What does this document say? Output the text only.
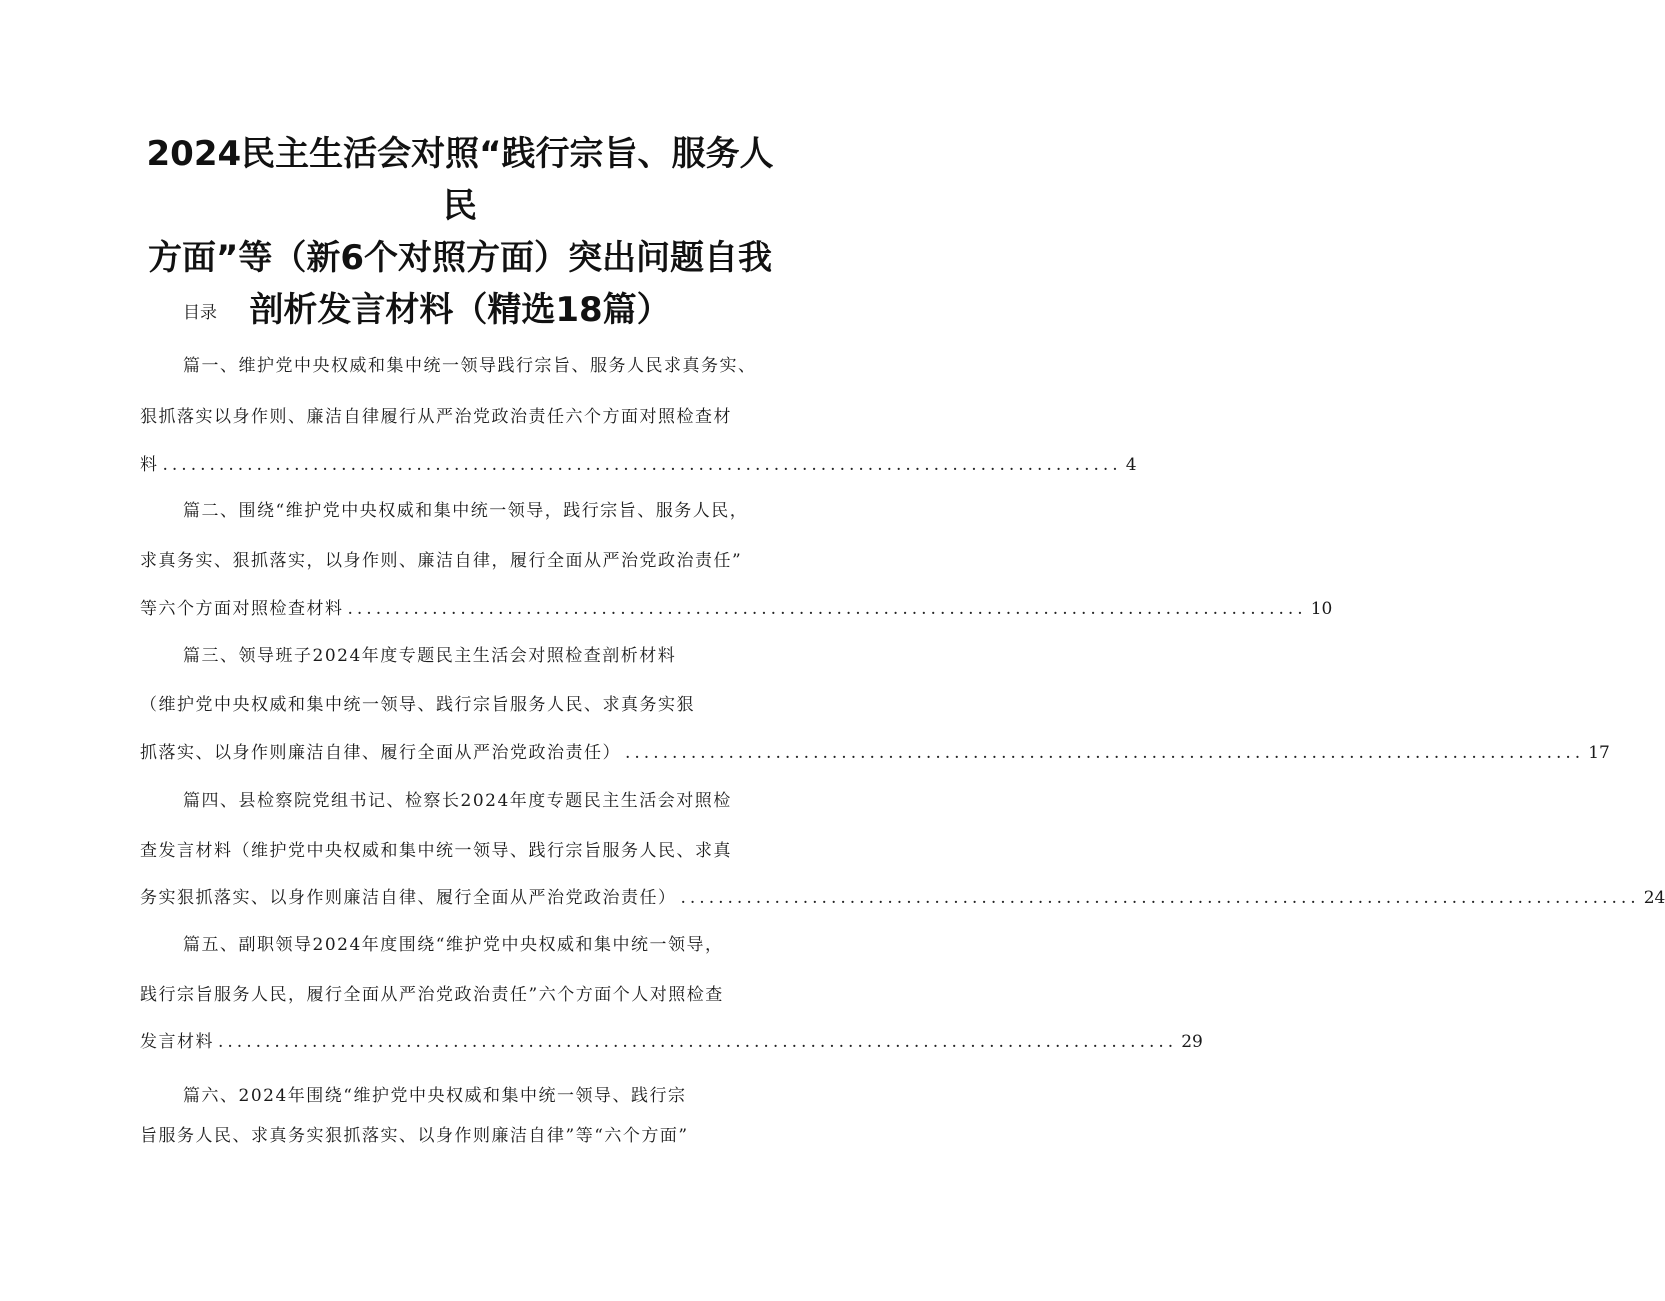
2024民主生活会对照“践行宗旨、服务人民
方面”等（新6个对照方面）突出问题自我
剖析发言材料（精选18篇）
目录
篇一、维护党中央权威和集中统一领导践行宗旨、服务人民求真务实、
狠抓落实以身作则、廉洁自律履行从严治党政治责任六个方面对照检查材
料 ...................................................................................................... 4
篇二、围绕“维护党中央权威和集中统一领导，践行宗旨、服务人民，
求真务实、狠抓落实，以身作则、廉洁自律，履行全面从严治党政治责任”
等六个方面对照检查材料 ...................................................................................................... 10
篇三、领导班子2024年度专题民主生活会对照检查剖析材料
（维护党中央权威和集中统一领导、践行宗旨服务人民、求真务实狠
抓落实、以身作则廉洁自律、履行全面从严治党政治责任） ...................................................................................................... 17
篇四、县检察院党组书记、检察长2024年度专题民主生活会对照检
查发言材料（维护党中央权威和集中统一领导、践行宗旨服务人民、求真
务实狠抓落实、以身作则廉洁自律、履行全面从严治党政治责任） ...................................................................................................... 24
篇五、副职领导2024年度围绕“维护党中央权威和集中统一领导，
践行宗旨服务人民，履行全面从严治党政治责任”六个方面个人对照检查
发言材料 ...................................................................................................... 29
篇六、2024年围绕“维护党中央权威和集中统一领导、践行宗
旨服务人民、求真务实狠抓落实、以身作则廉洁自律”等“六个方面”
